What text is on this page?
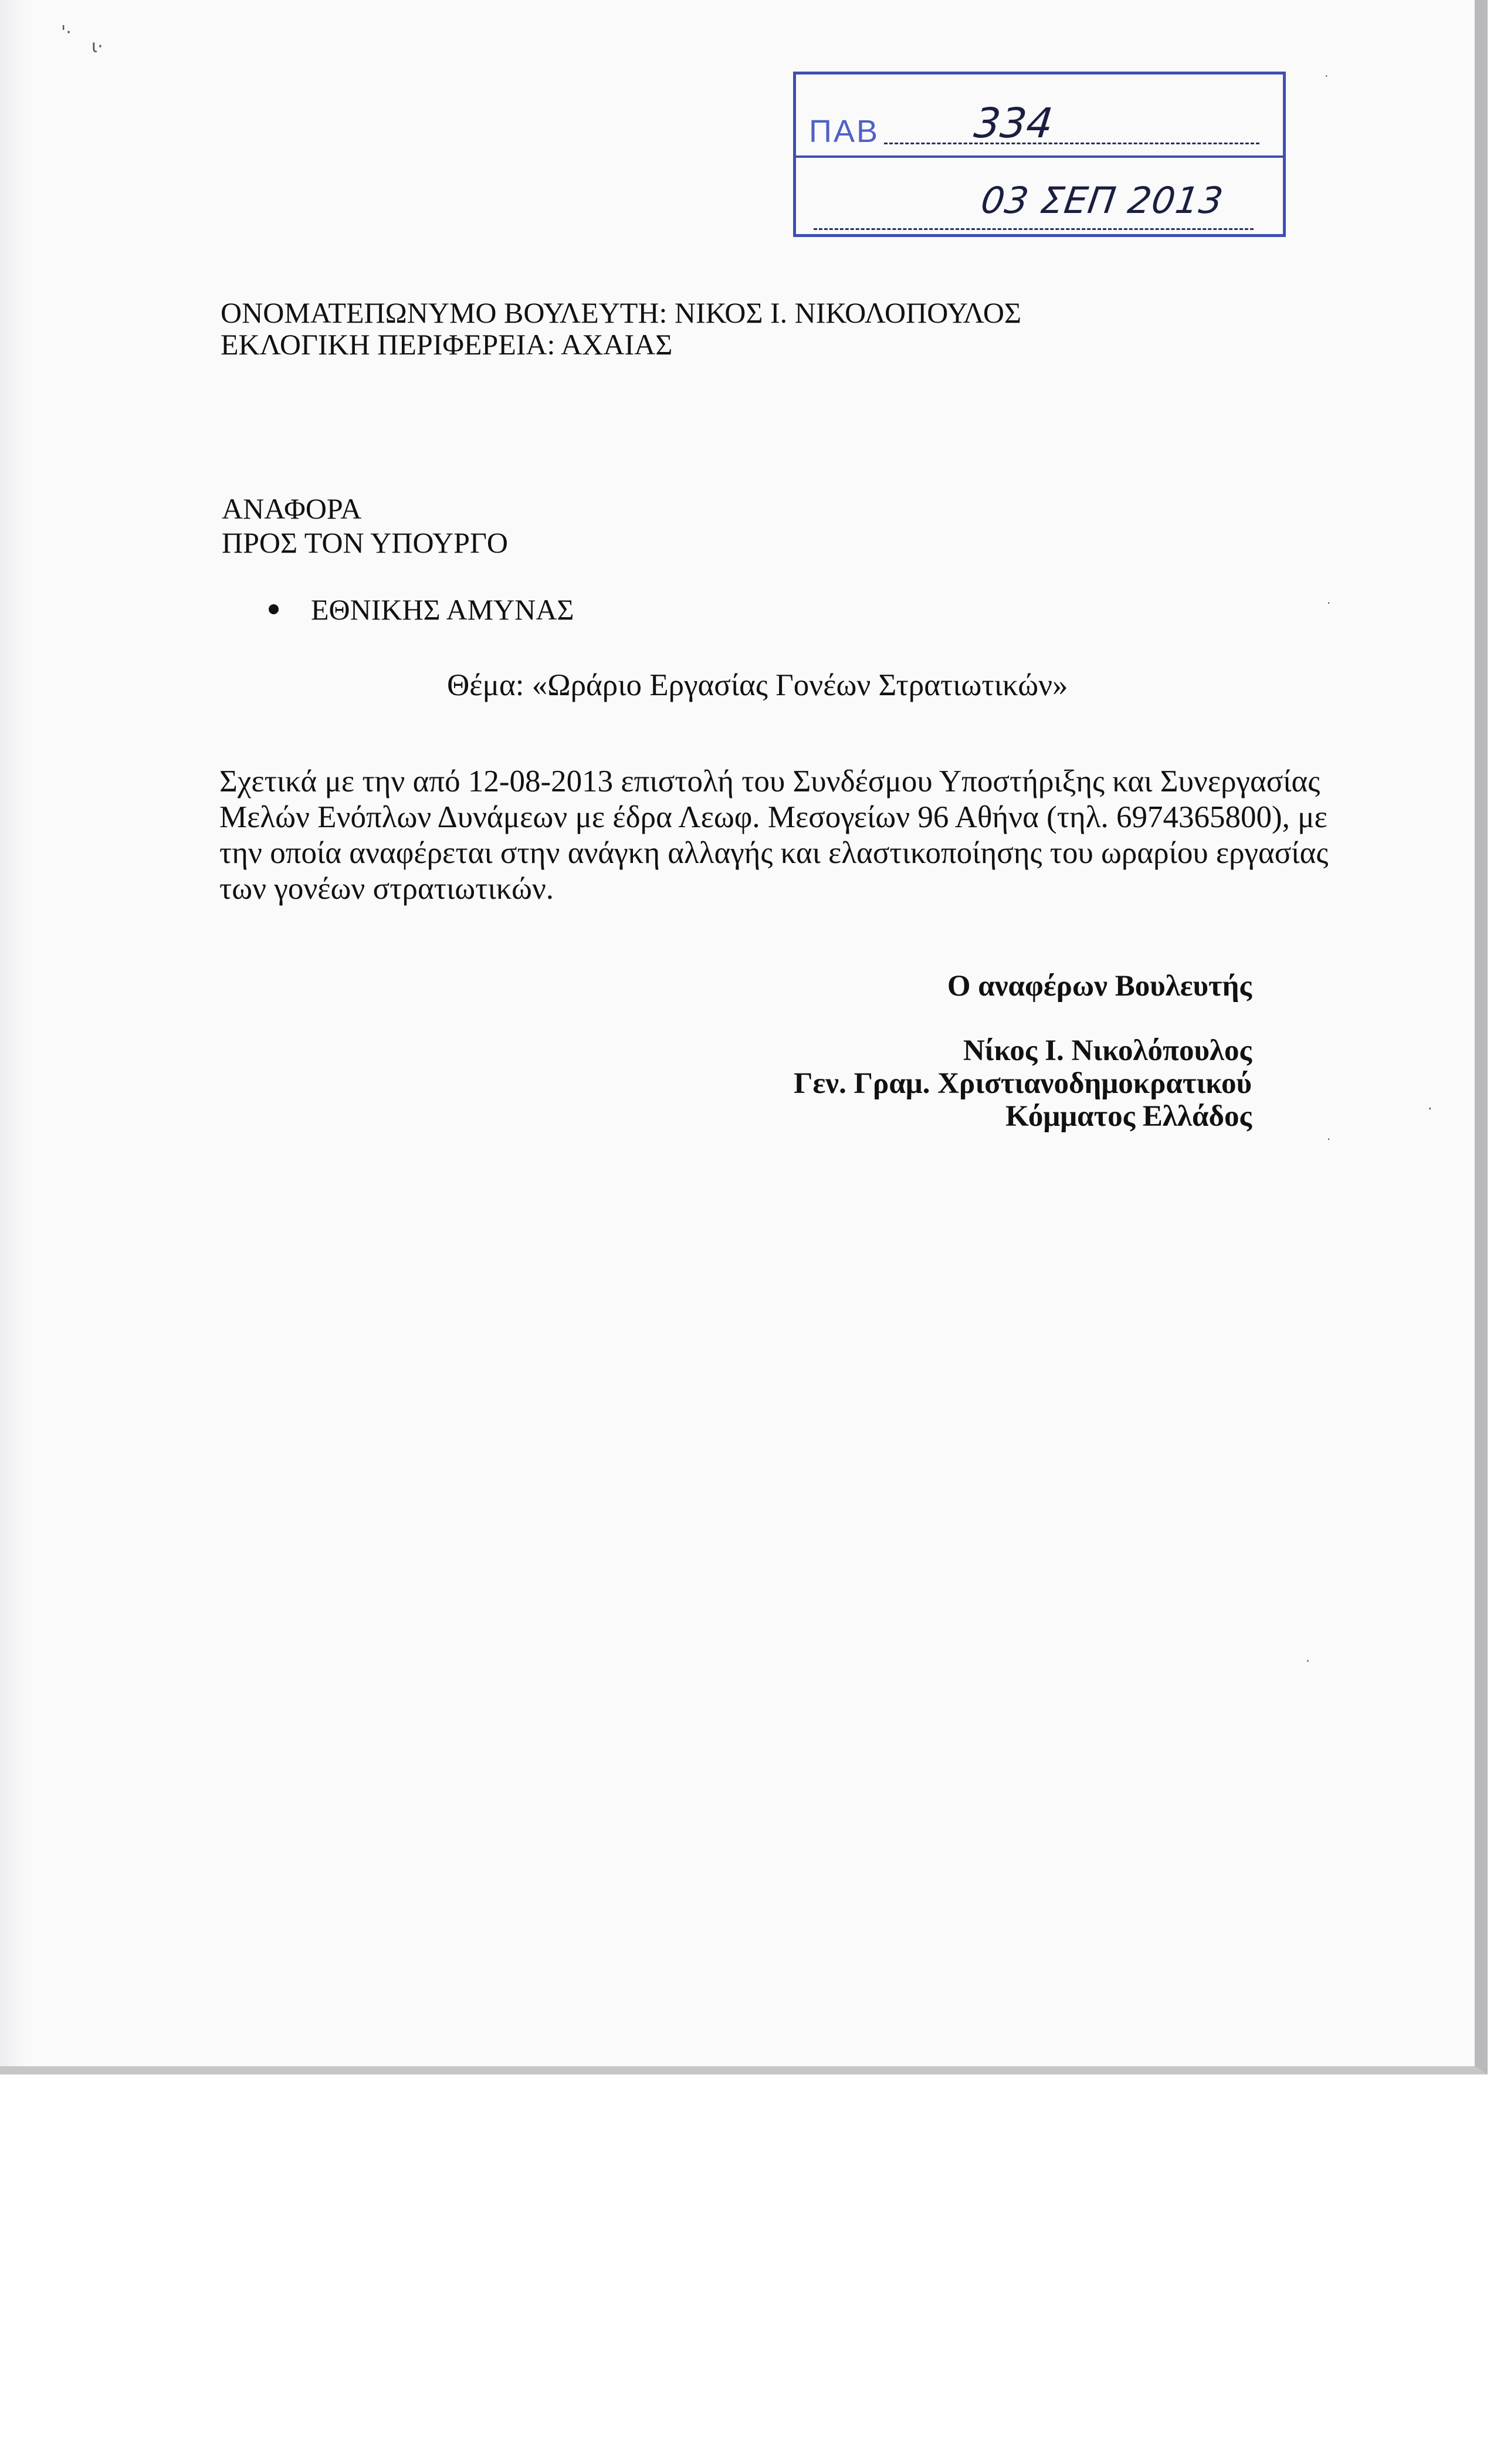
'·
ι·
·
·
·
·
·
ΠΑΒ 334
03 ΣΕΠ 2013
ΟΝΟΜΑΤΕΠΩΝΥΜΟ ΒΟΥΛΕΥΤΗ: ΝΙΚΟΣ Ι. ΝΙΚΟΛΟΠΟΥΛΟΣ
ΕΚΛΟΓΙΚΗ ΠΕΡΙΦΕΡΕΙΑ: ΑΧΑΙΑΣ
ΑΝΑΦΟΡΑ
ΠΡΟΣ ΤΟΝ ΥΠΟΥΡΓΟ
ΕΘΝΙΚΗΣ ΑΜΥΝΑΣ
Θέμα: «Ωράριο Εργασίας Γονέων Στρατιωτικών»
Σχετικά με την από 12-08-2013 επιστολή του Συνδέσμου Υποστήριξης και Συνεργασίας
Μελών Ενόπλων Δυνάμεων με έδρα Λεωφ. Μεσογείων 96 Αθήνα (τηλ. 6974365800), με
την οποία αναφέρεται στην ανάγκη αλλαγής και ελαστικοποίησης του ωραρίου εργασίας
των γονέων στρατιωτικών.
Ο αναφέρων Βουλευτής
Νίκος Ι. Νικολόπουλος
Γεν. Γραμ. Χριστιανοδημοκρατικού
Κόμματος Ελλάδος
